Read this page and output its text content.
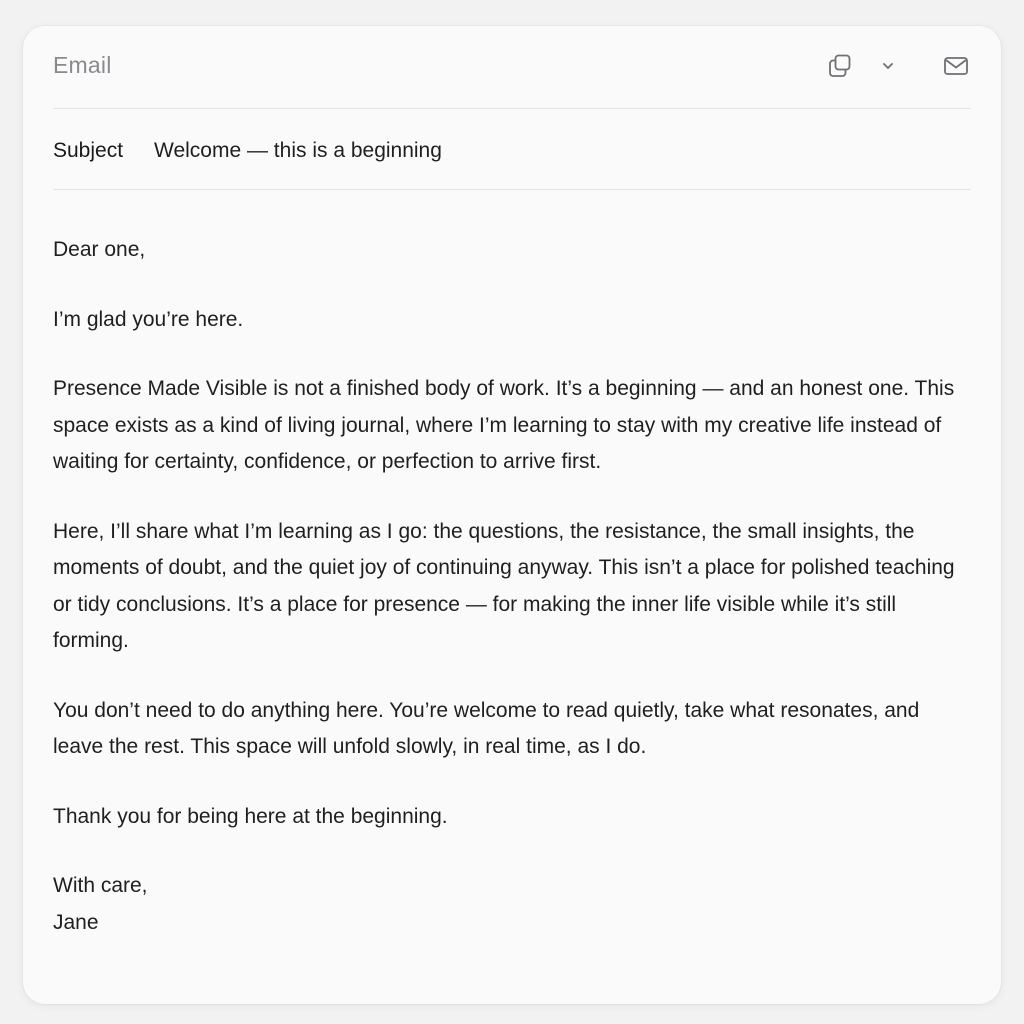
Email
Subject Welcome — this is a beginning

Dear one,

I’m glad you’re here.

Presence Made Visible is not a finished body of work. It’s a beginning — and an honest one. This space exists as a kind of living journal, where I’m learning to stay with my creative life instead of waiting for certainty, confidence, or perfection to arrive first.

Here, I’ll share what I’m learning as I go: the questions, the resistance, the small insights, the moments of doubt, and the quiet joy of continuing anyway. This isn’t a place for polished teaching or tidy conclusions. It’s a place for presence — for making the inner life visible while it’s still forming.

You don’t need to do anything here. You’re welcome to read quietly, take what resonates, and leave the rest. This space will unfold slowly, in real time, as I do.

Thank you for being here at the beginning.

With care,

Jane
